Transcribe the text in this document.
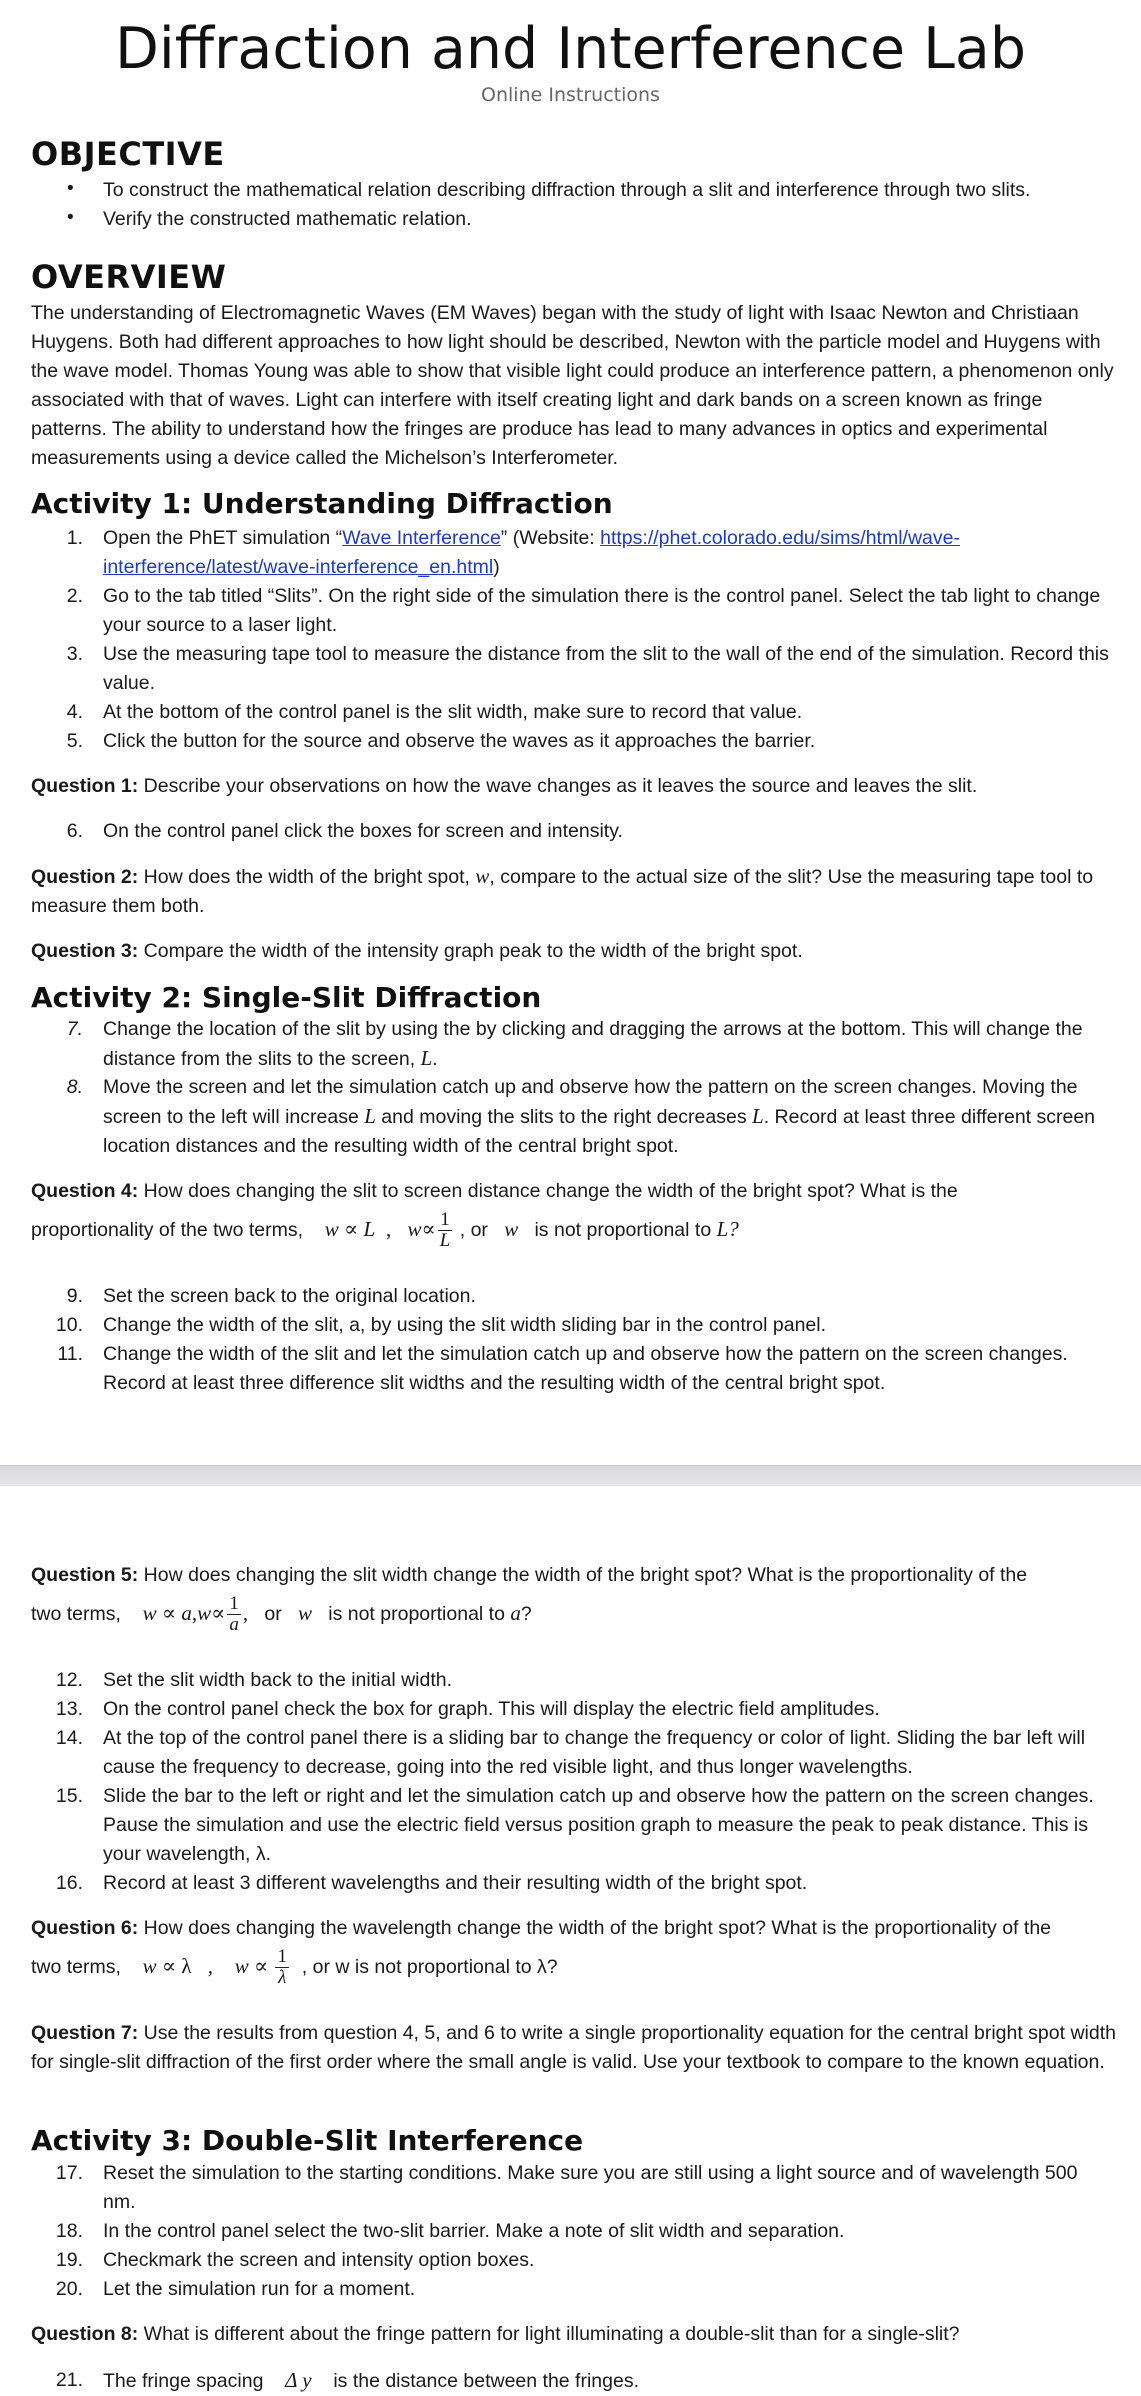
Diffraction and Interference Lab
Online Instructions
OBJECTIVE
•	To construct the mathematical relation describing diffraction through a slit and interference through two slits.
•	Verify the constructed mathematic relation.
OVERVIEW
The understanding of Electromagnetic Waves (EM Waves) began with the study of light with Isaac Newton and Christiaan Huygens. Both had different approaches to how light should be described, Newton with the particle model and Huygens with the wave model. Thomas Young was able to show that visible light could produce an interference pattern, a phenomenon only associated with that of waves. Light can interfere with itself creating light and dark bands on a screen known as fringe patterns. The ability to understand how the fringes are produce has lead to many advances in optics and experimental measurements using a device called the Michelson’s Interferometer.
Activity 1: Understanding Diffraction
1. Open the PhET simulation “Wave Interference” (Website: https://phet.colorado.edu/sims/html/wave-interference/latest/wave-interference_en.html)
2. Go to the tab titled “Slits”. On the right side of the simulation there is the control panel. Select the tab light to change your source to a laser light.
3. Use the measuring tape tool to measure the distance from the slit to the wall of the end of the simulation. Record this value.
4. At the bottom of the control panel is the slit width, make sure to record that value.
5. Click the button for the source and observe the waves as it approaches the barrier.
Question 1: Describe your observations on how the wave changes as it leaves the source and leaves the slit.
6. On the control panel click the boxes for screen and intensity.
Question 2: How does the width of the bright spot, w, compare to the actual size of the slit? Use the measuring tape tool to measure them both.
Question 3: Compare the width of the intensity graph peak to the width of the bright spot.
Activity 2: Single-Slit Diffraction
7. Change the location of the slit by using the by clicking and dragging the arrows at the bottom. This will change the distance from the slits to the screen, L.
8. Move the screen and let the simulation catch up and observe how the pattern on the screen changes. Moving the screen to the left will increase L and moving the slits to the right decreases L. Record at least three different screen location distances and the resulting width of the central bright spot.
Question 4: How does changing the slit to screen distance change the width of the bright spot? What is the
proportionality of the two terms, w ∝ L , $w\propto \frac{1}{L}$ , or w is not proportional to L?
9. Set the screen back to the original location.
10. Change the width of the slit, a, by using the slit width sliding bar in the control panel.
11. Change the width of the slit and let the simulation catch up and observe how the pattern on the screen changes. Record at least three difference slit widths and the resulting width of the central bright spot.
Question 5: How does changing the slit width change the width of the bright spot? What is the proportionality of the
two terms, $w \propto a,w\propto \frac{1}{a}$ , or w is not proportional to a?
12. Set the slit width back to the initial width.
13. On the control panel check the box for graph. This will display the electric field amplitudes.
14. At the top of the control panel there is a sliding bar to change the frequency or color of light. Sliding the bar left will cause the frequency to decrease, going into the red visible light, and thus longer wavelengths.
15. Slide the bar to the left or right and let the simulation catch up and observe how the pattern on the screen changes. Pause the simulation and use the electric field versus position graph to measure the peak to peak distance. This is your wavelength, λ.
16. Record at least 3 different wavelengths and their resulting width of the bright spot.
Question 6: How does changing the wavelength change the width of the bright spot? What is the proportionality of the
two terms, w ∝ λ , $w \propto \frac{1}{\lambda}$ , or w is not proportional to λ?
Question 7: Use the results from question 4, 5, and 6 to write a single proportionality equation for the central bright spot width for single-slit diffraction of the first order where the small angle is valid. Use your textbook to compare to the known equation.
Activity 3: Double-Slit Interference
17. Reset the simulation to the starting conditions. Make sure you are still using a light source and of wavelength 500 nm.
18. In the control panel select the two-slit barrier. Make a note of slit width and separation.
19. Checkmark the screen and intensity option boxes.
20. Let the simulation run for a moment.
Question 8: What is different about the fringe pattern for light illuminating a double-slit than for a single-slit?
21. The fringe spacing Δ y is the distance between the fringes.
